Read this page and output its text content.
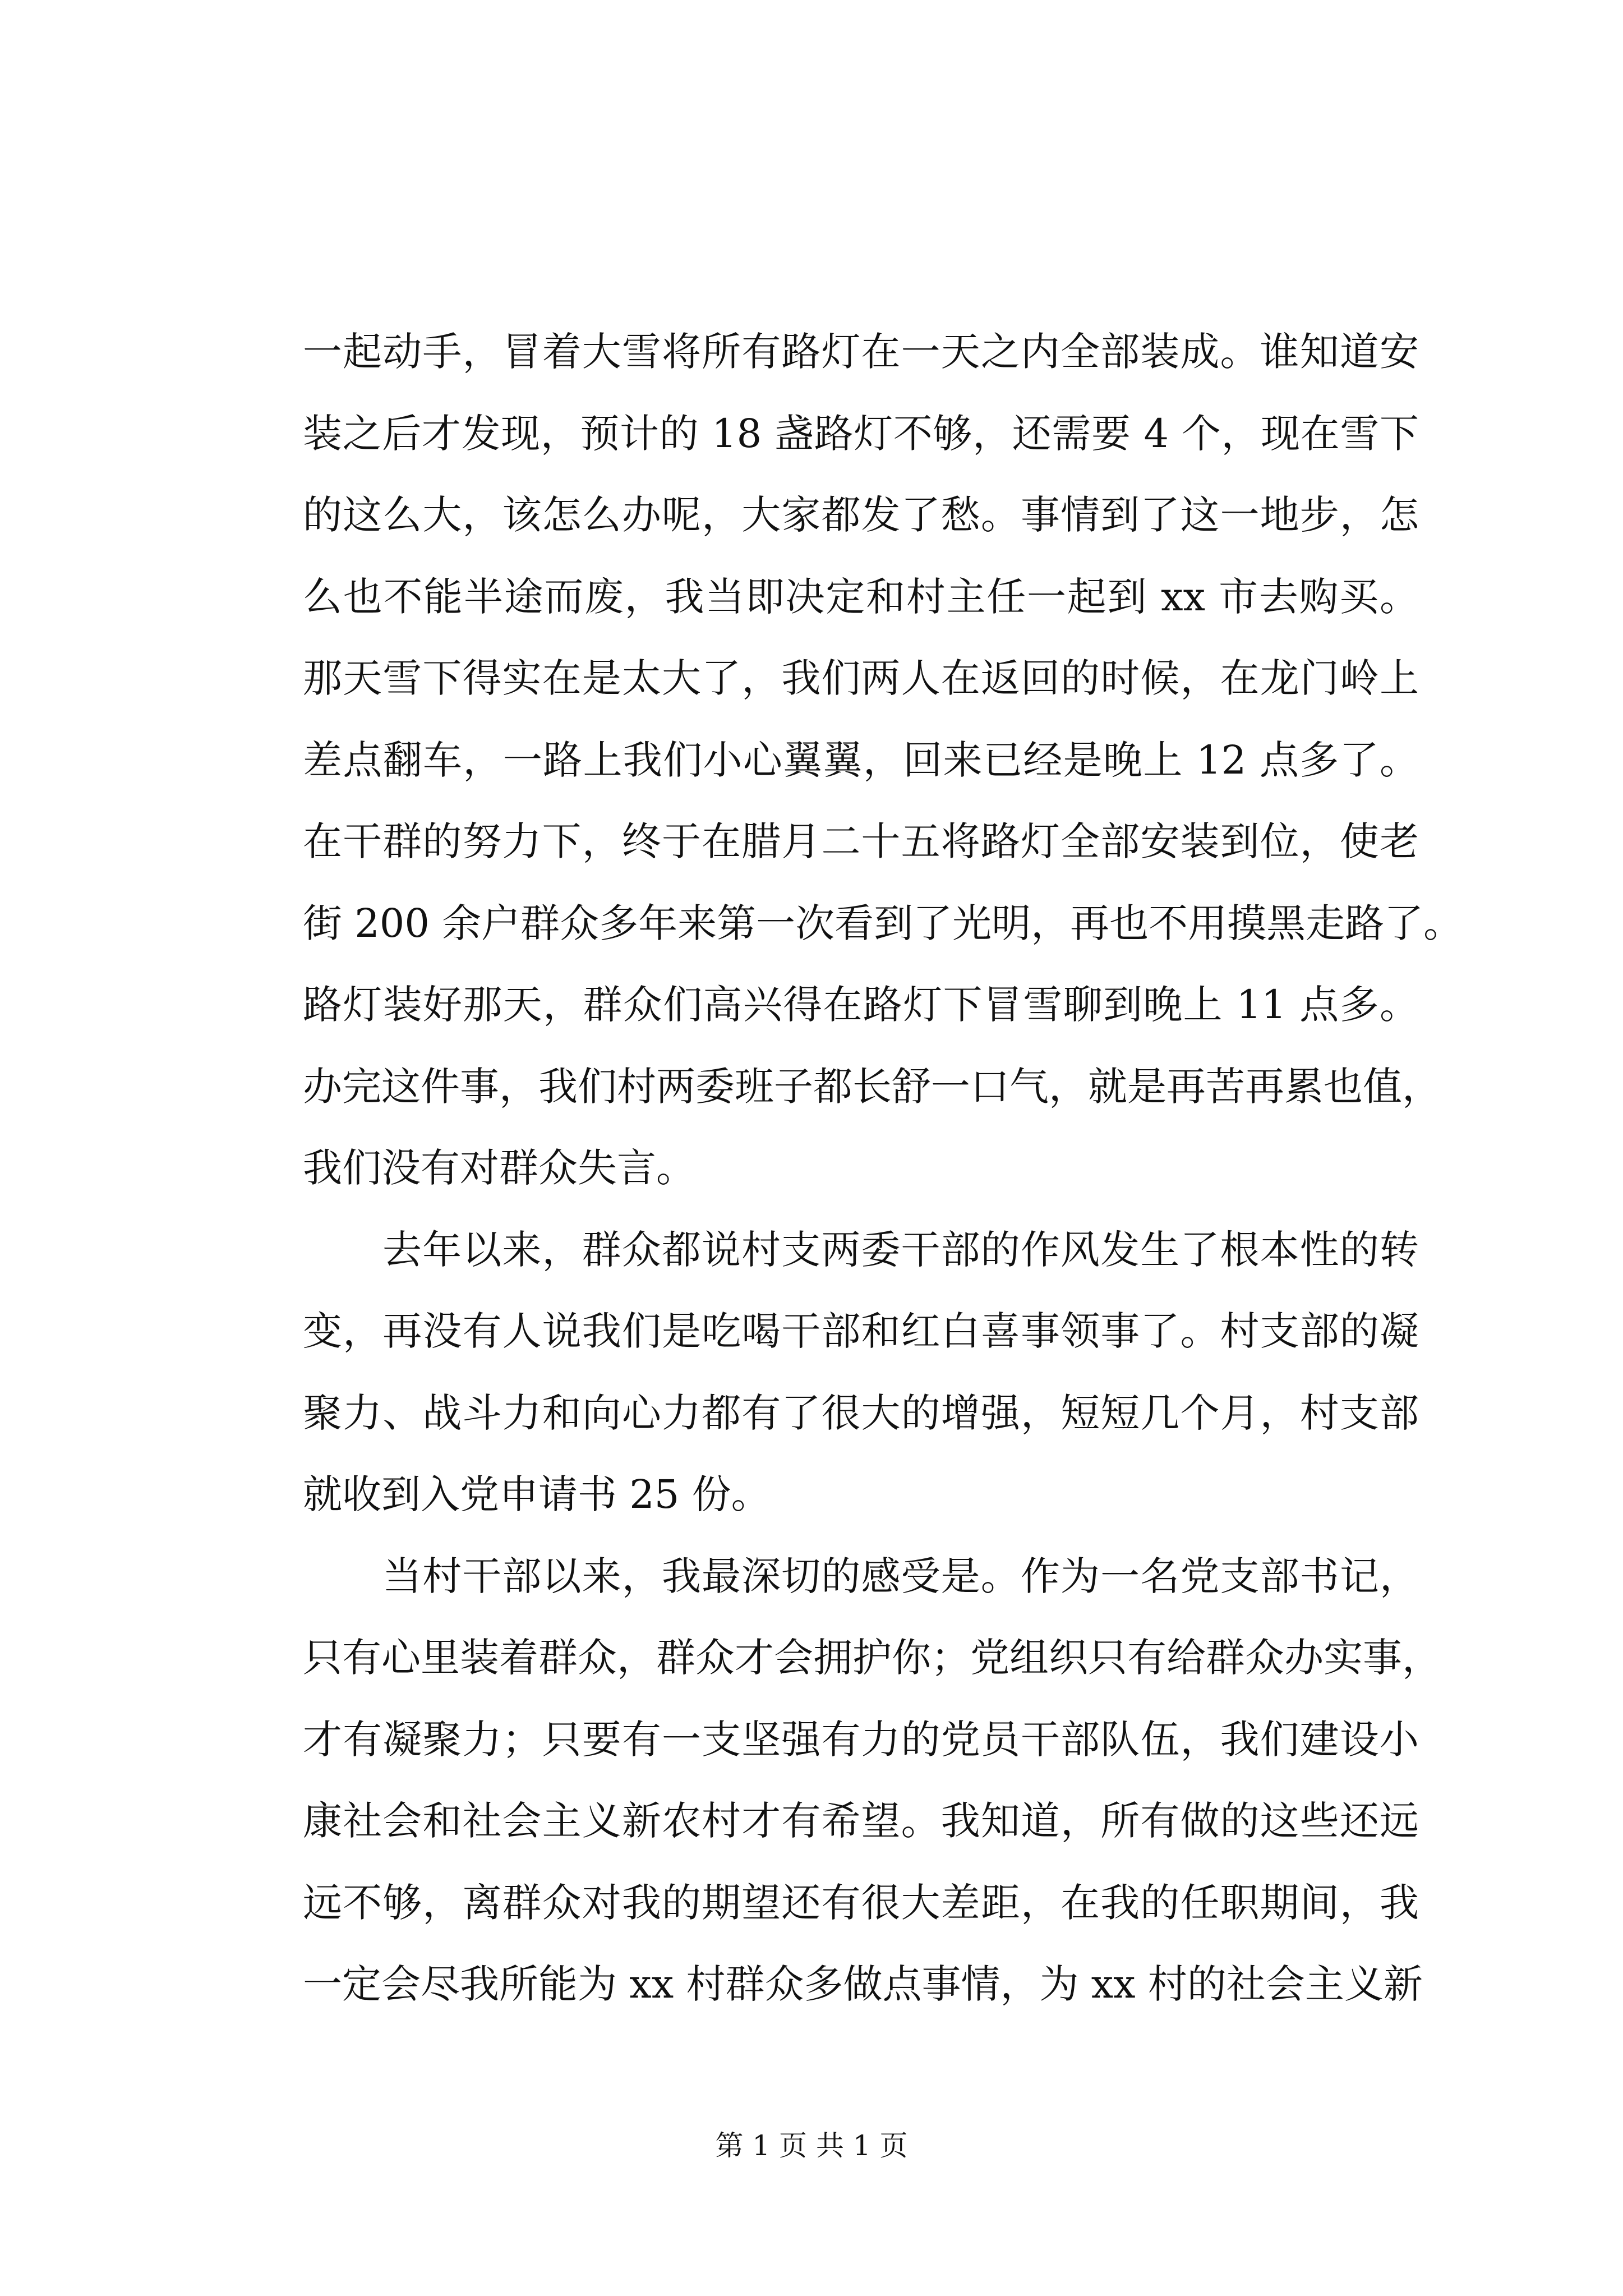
一起动手，冒着大雪将所有路灯在一天之内全部装成。谁知道安
装之后才发现，预计的 18 盏路灯不够，还需要 4 个，现在雪下
的这么大，该怎么办呢，大家都发了愁。事情到了这一地步，怎
么也不能半途而废，我当即决定和村主任一起到 xx 市去购买。
那天雪下得实在是太大了，我们两人在返回的时候，在龙门岭上
差点翻车，一路上我们小心翼翼，回来已经是晚上 12 点多了。
在干群的努力下，终于在腊月二十五将路灯全部安装到位，使老
街 200 余户群众多年来第一次看到了光明，再也不用摸黑走路了。
路灯装好那天，群众们高兴得在路灯下冒雪聊到晚上 11 点多。
办完这件事，我们村两委班子都长舒一口气，就是再苦再累也值，
我们没有对群众失言。
去年以来，群众都说村支两委干部的作风发生了根本性的转
变，再没有人说我们是吃喝干部和红白喜事领事了。村支部的凝
聚力、战斗力和向心力都有了很大的增强，短短几个月，村支部
就收到入党申请书 25 份。
当村干部以来，我最深切的感受是。作为一名党支部书记，
只有心里装着群众，群众才会拥护你；党组织只有给群众办实事，
才有凝聚力；只要有一支坚强有力的党员干部队伍，我们建设小
康社会和社会主义新农村才有希望。我知道，所有做的这些还远
远不够，离群众对我的期望还有很大差距，在我的任职期间，我
一定会尽我所能为 xx 村群众多做点事情，为 xx 村的社会主义新
第 1 页 共 1 页
